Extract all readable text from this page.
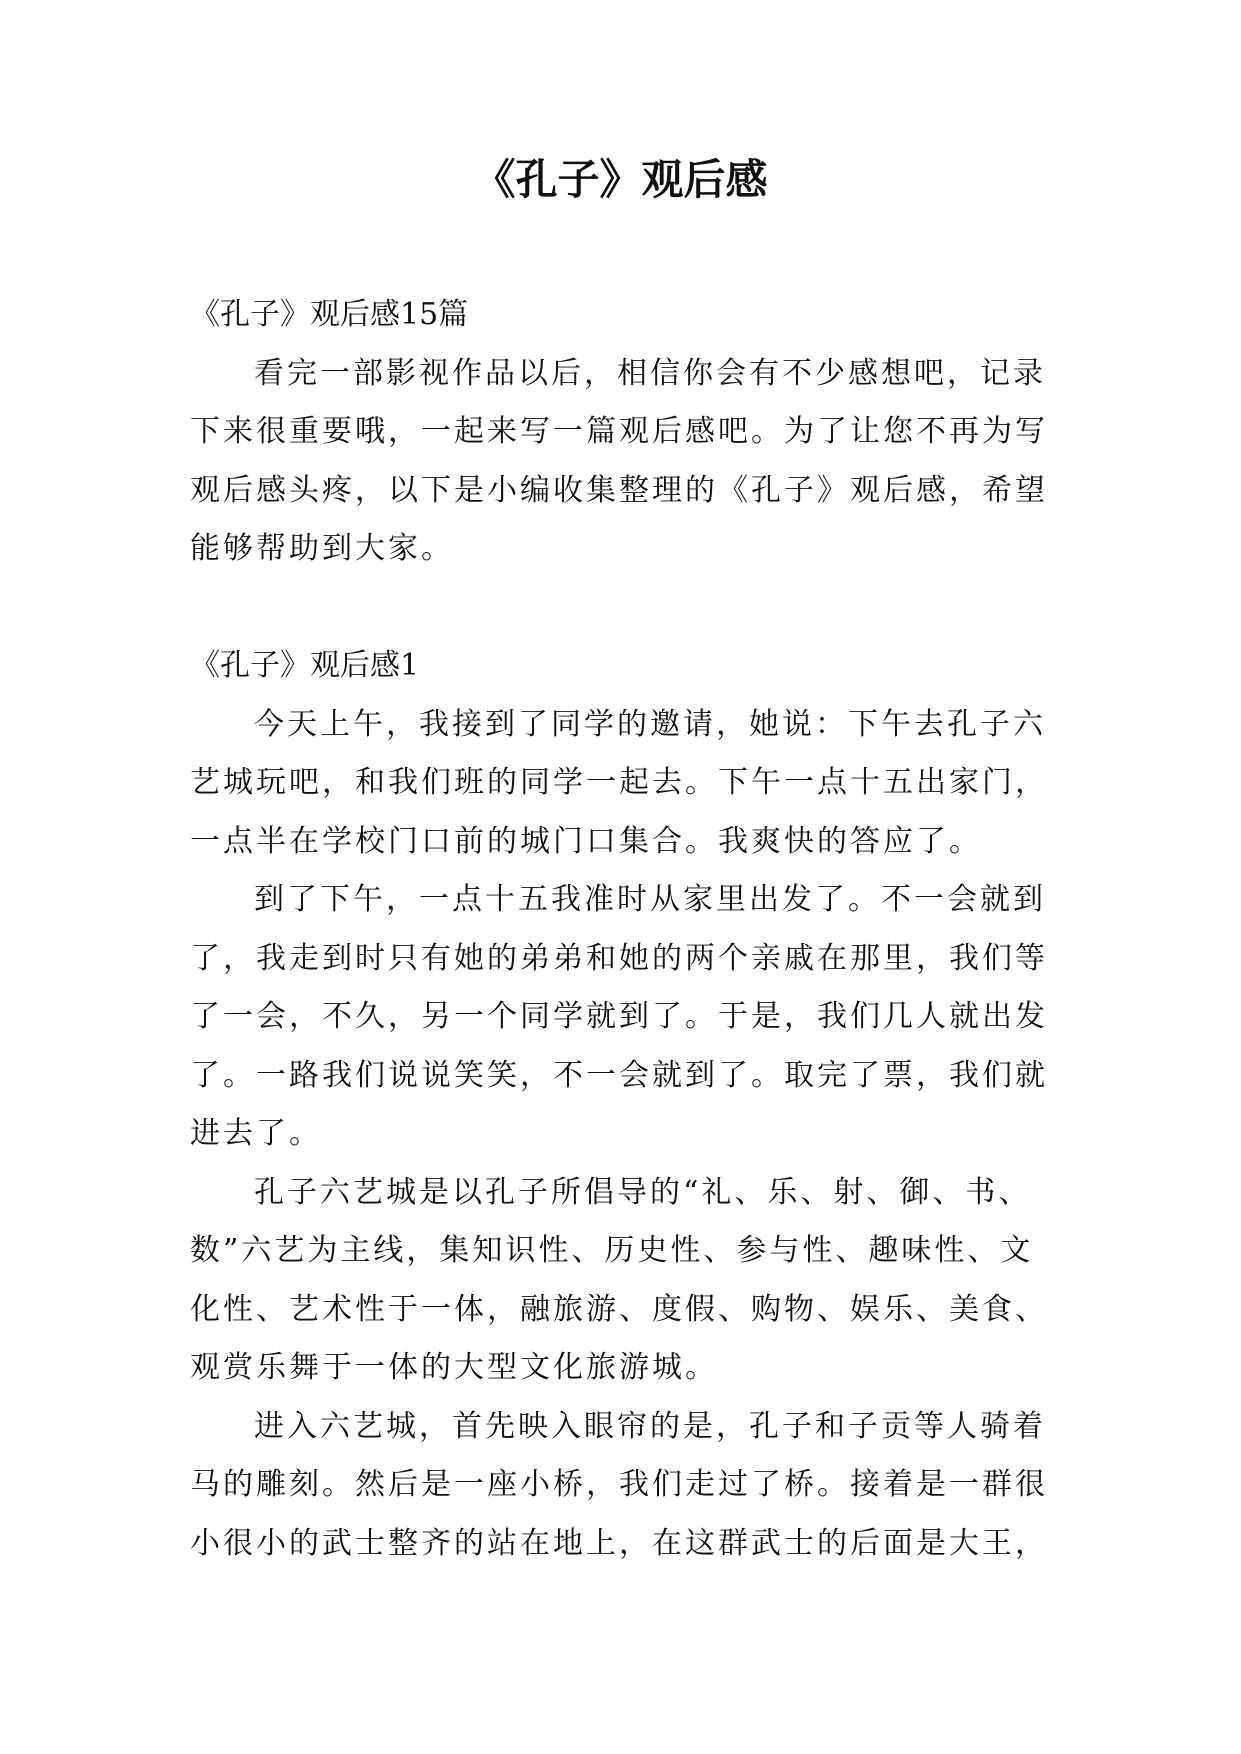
《孔子》观后感
《孔子》观后感15篇
看完一部影视作品以后，相信你会有不少感想吧，记录
下来很重要哦，一起来写一篇观后感吧。为了让您不再为写
观后感头疼，以下是小编收集整理的《孔子》观后感，希望
能够帮助到大家。
《孔子》观后感1
今天上午，我接到了同学的邀请，她说：下午去孔子六
艺城玩吧，和我们班的同学一起去。下午一点十五出家门，
一点半在学校门口前的城门口集合。我爽快的答应了。
到了下午，一点十五我准时从家里出发了。不一会就到
了，我走到时只有她的弟弟和她的两个亲戚在那里，我们等
了一会，不久，另一个同学就到了。于是，我们几人就出发
了。一路我们说说笑笑，不一会就到了。取完了票，我们就
进去了。
孔子六艺城是以孔子所倡导的“礼、乐、射、御、书、
数”六艺为主线，集知识性、历史性、参与性、趣味性、文
化性、艺术性于一体，融旅游、度假、购物、娱乐、美食、
观赏乐舞于一体的大型文化旅游城。
进入六艺城，首先映入眼帘的是，孔子和子贡等人骑着
马的雕刻。然后是一座小桥，我们走过了桥。接着是一群很
小很小的武士整齐的站在地上，在这群武士的后面是大王，
